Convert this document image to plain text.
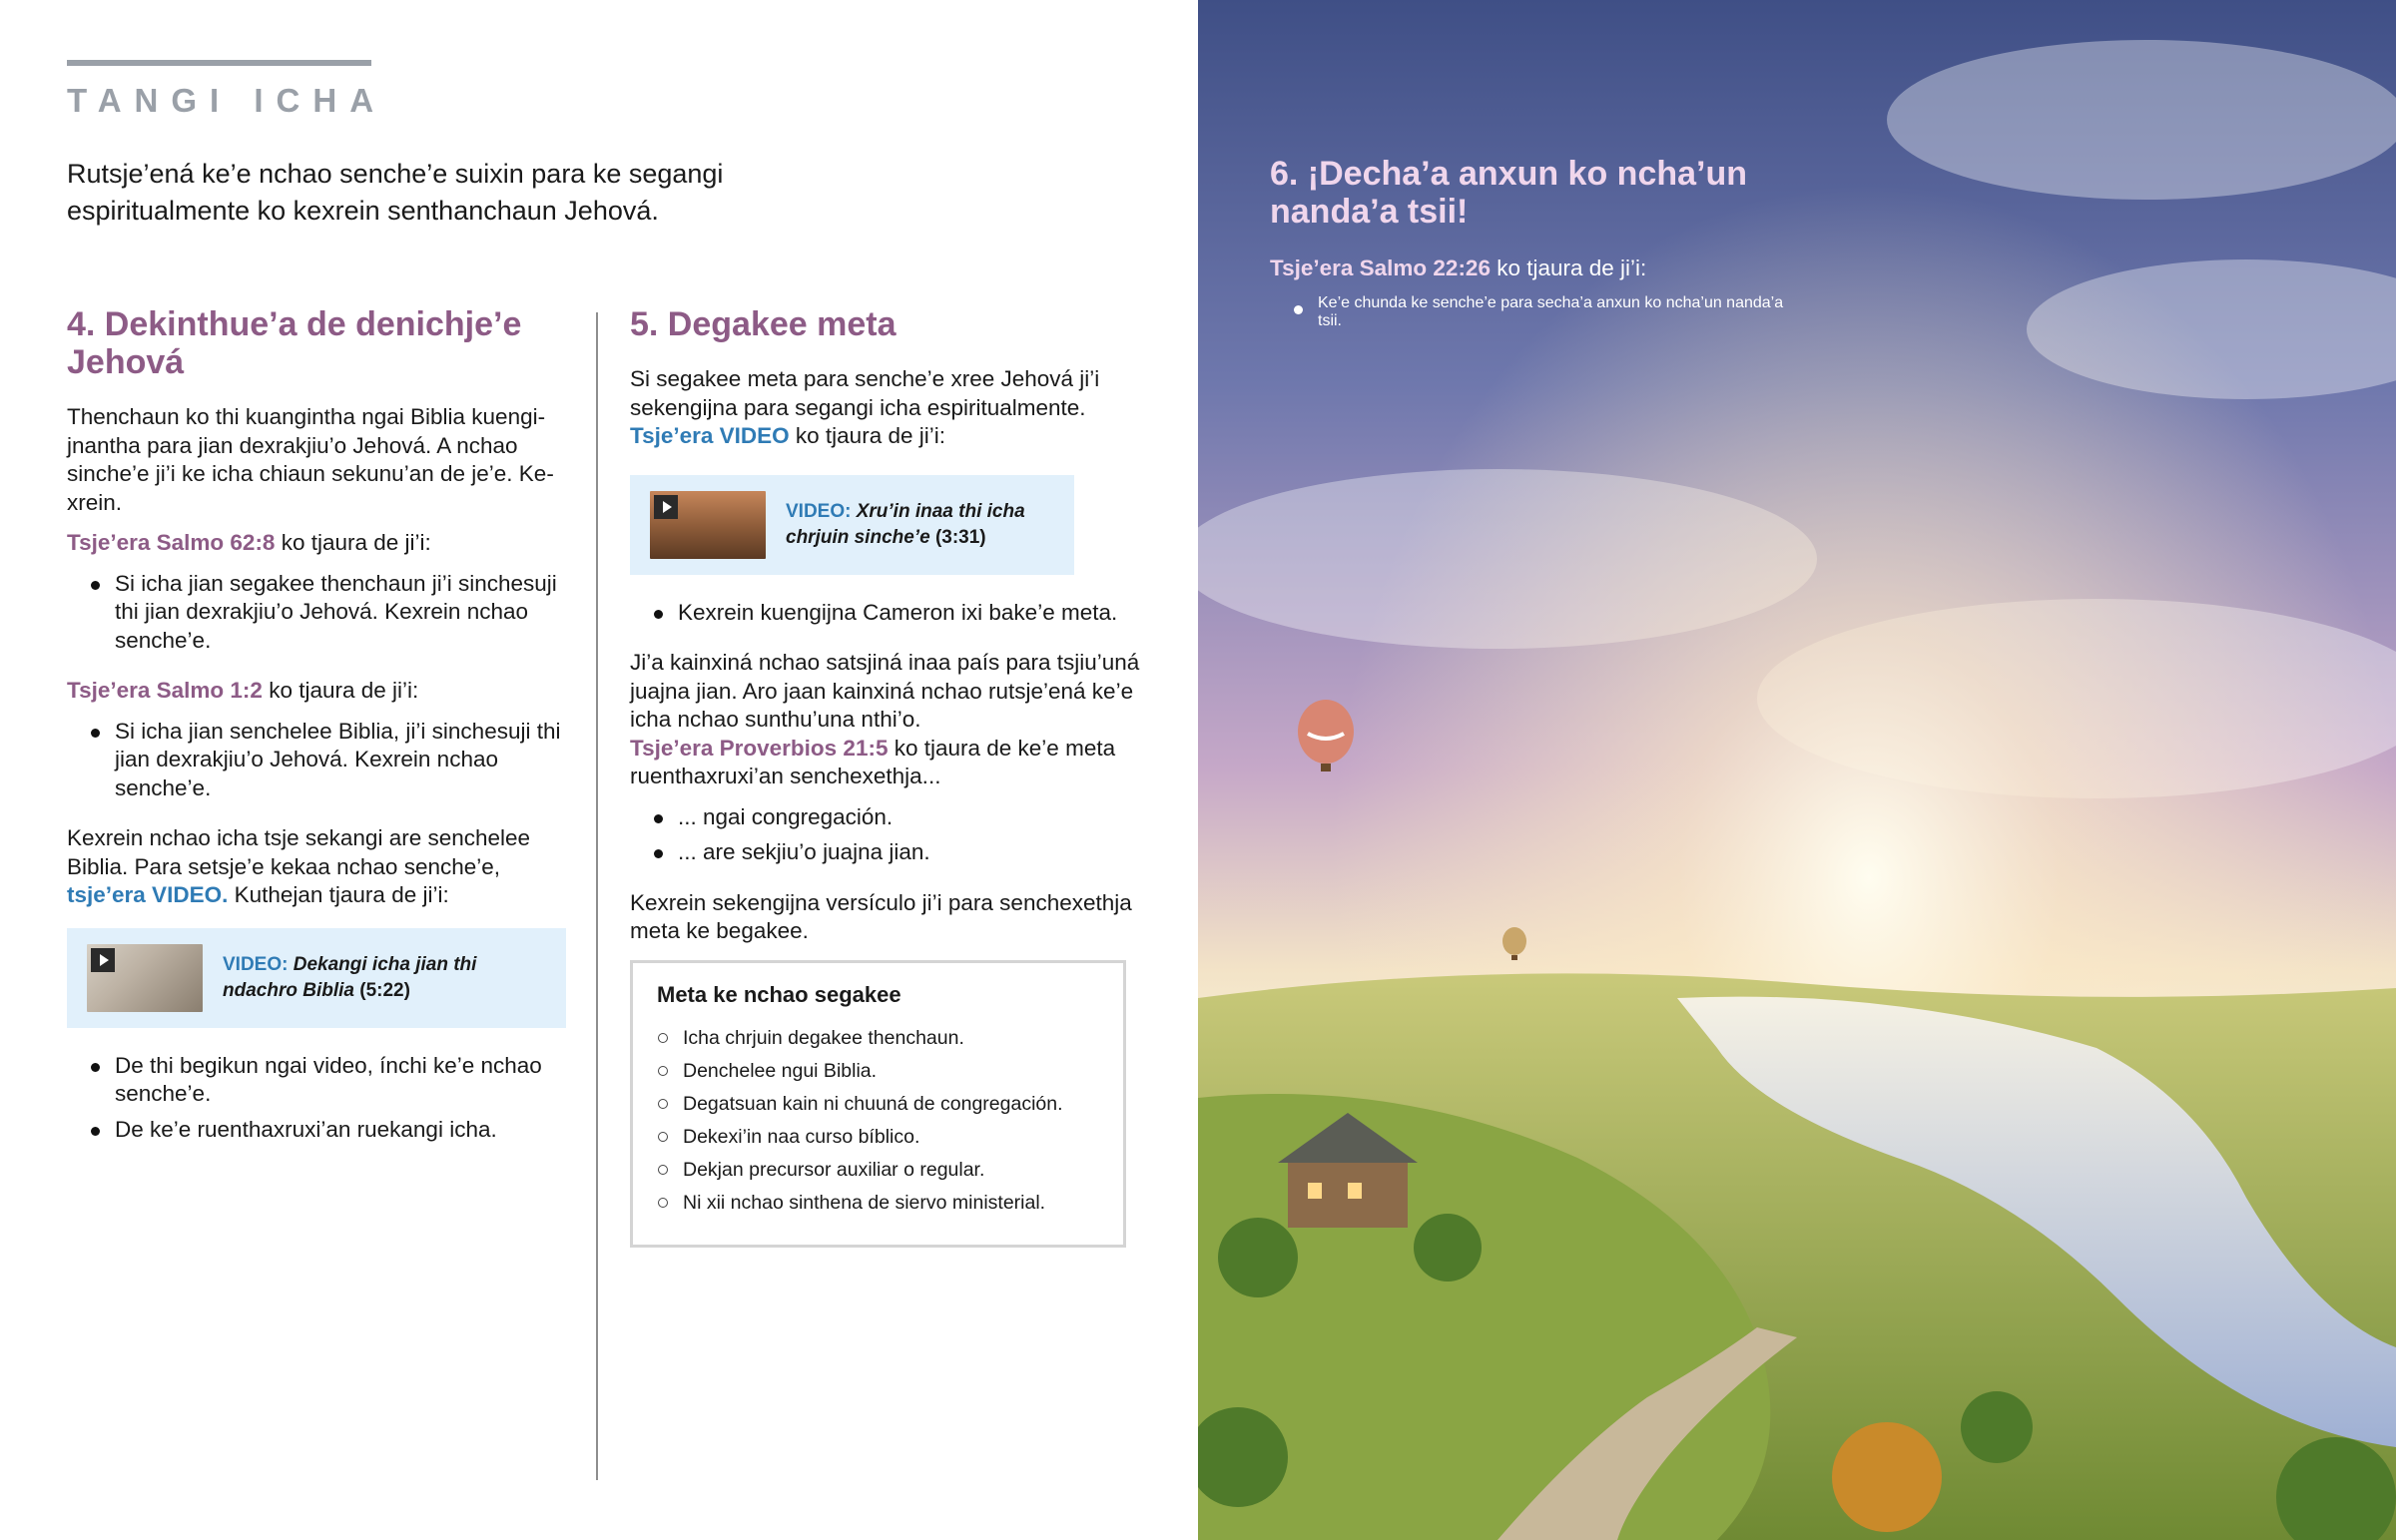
TANGI ICHA
Rutsje’ená ke’e nchao senche’e suixin para ke segangi espiritualmente ko kexrein senthanchaun Jehová.
4. Dekinthue’a de denichje’e Jehová

Thenchaun ko thi kuangintha ngai Biblia kuengijnantha para jian dexrakjiu’o Jehová. A nchao sinche’e ji’i ke icha chiaun sekunu’an de je’e. Kexrein.

Tsje’era Salmo 62:8 ko tjaura de ji’i:

Si icha jian segakee thenchaun ji’i sinchesuji thi jian dexrakjiu’o Jehová. Kexrein nchao senche’e.

Tsje’era Salmo 1:2 ko tjaura de ji’i:

Si icha jian senchelee Biblia, ji’i sinchesuji thi jian dexrakjiu’o Jehová. Kexrein nchao senche’e.

Kexrein nchao icha tsje sekangi are senchelee Biblia. Para setsje’e kekaa nchao senche’e,
tsje’era VIDEO. Kuthejan tjaura de ji’i:

VIDEO: Dekangi icha jian thi ndachro Biblia (5:22)
De thi begikun ngai video, ínchi ke’e nchao senche’e.
De ke’e ruenthaxruxi’an ruekangi icha.
5. Degakee meta

Si segakee meta para senche’e xree Jehová ji’i sekengijna para segangi icha espiritualmente.
Tsje’era VIDEO ko tjaura de ji’i:

VIDEO: Xru’in inaa thi icha chrjuin sinche’e (3:31)
Kexrein kuengijna Cameron ixi bake’e meta.

Ji’a kainxiná nchao satsjiná inaa país para tsjiu’uná juajna jian. Aro jaan kainxiná nchao rutsje’ená ke’e icha nchao sunthu’una nthi’o.

Tsje’era Proverbios 21:5 ko tjaura de ke’e meta ruenthaxruxi’an senchexethja...

... ngai congregación.
... are sekjiu’o juajna jian.

Kexrein sekengijna versículo ji’i para senchexethja meta ke begakee.

Meta ke nchao segakee
Icha chrjuin degakee thenchaun.
Denchelee ngui Biblia.
Degatsuan kain ni chuuná de congregación.
Dekexi’in naa curso bíblico.
Dekjan precursor auxiliar o regular.
Ni xii nchao sinthena de siervo ministerial.
6. ¡Decha’a anxun ko ncha’un nanda’a tsii!

Tsje’era Salmo 22:26 ko tjaura de ji’i:

Ke’e chunda ke senche’e para secha’a anxun ko ncha’un nanda’a tsii.
